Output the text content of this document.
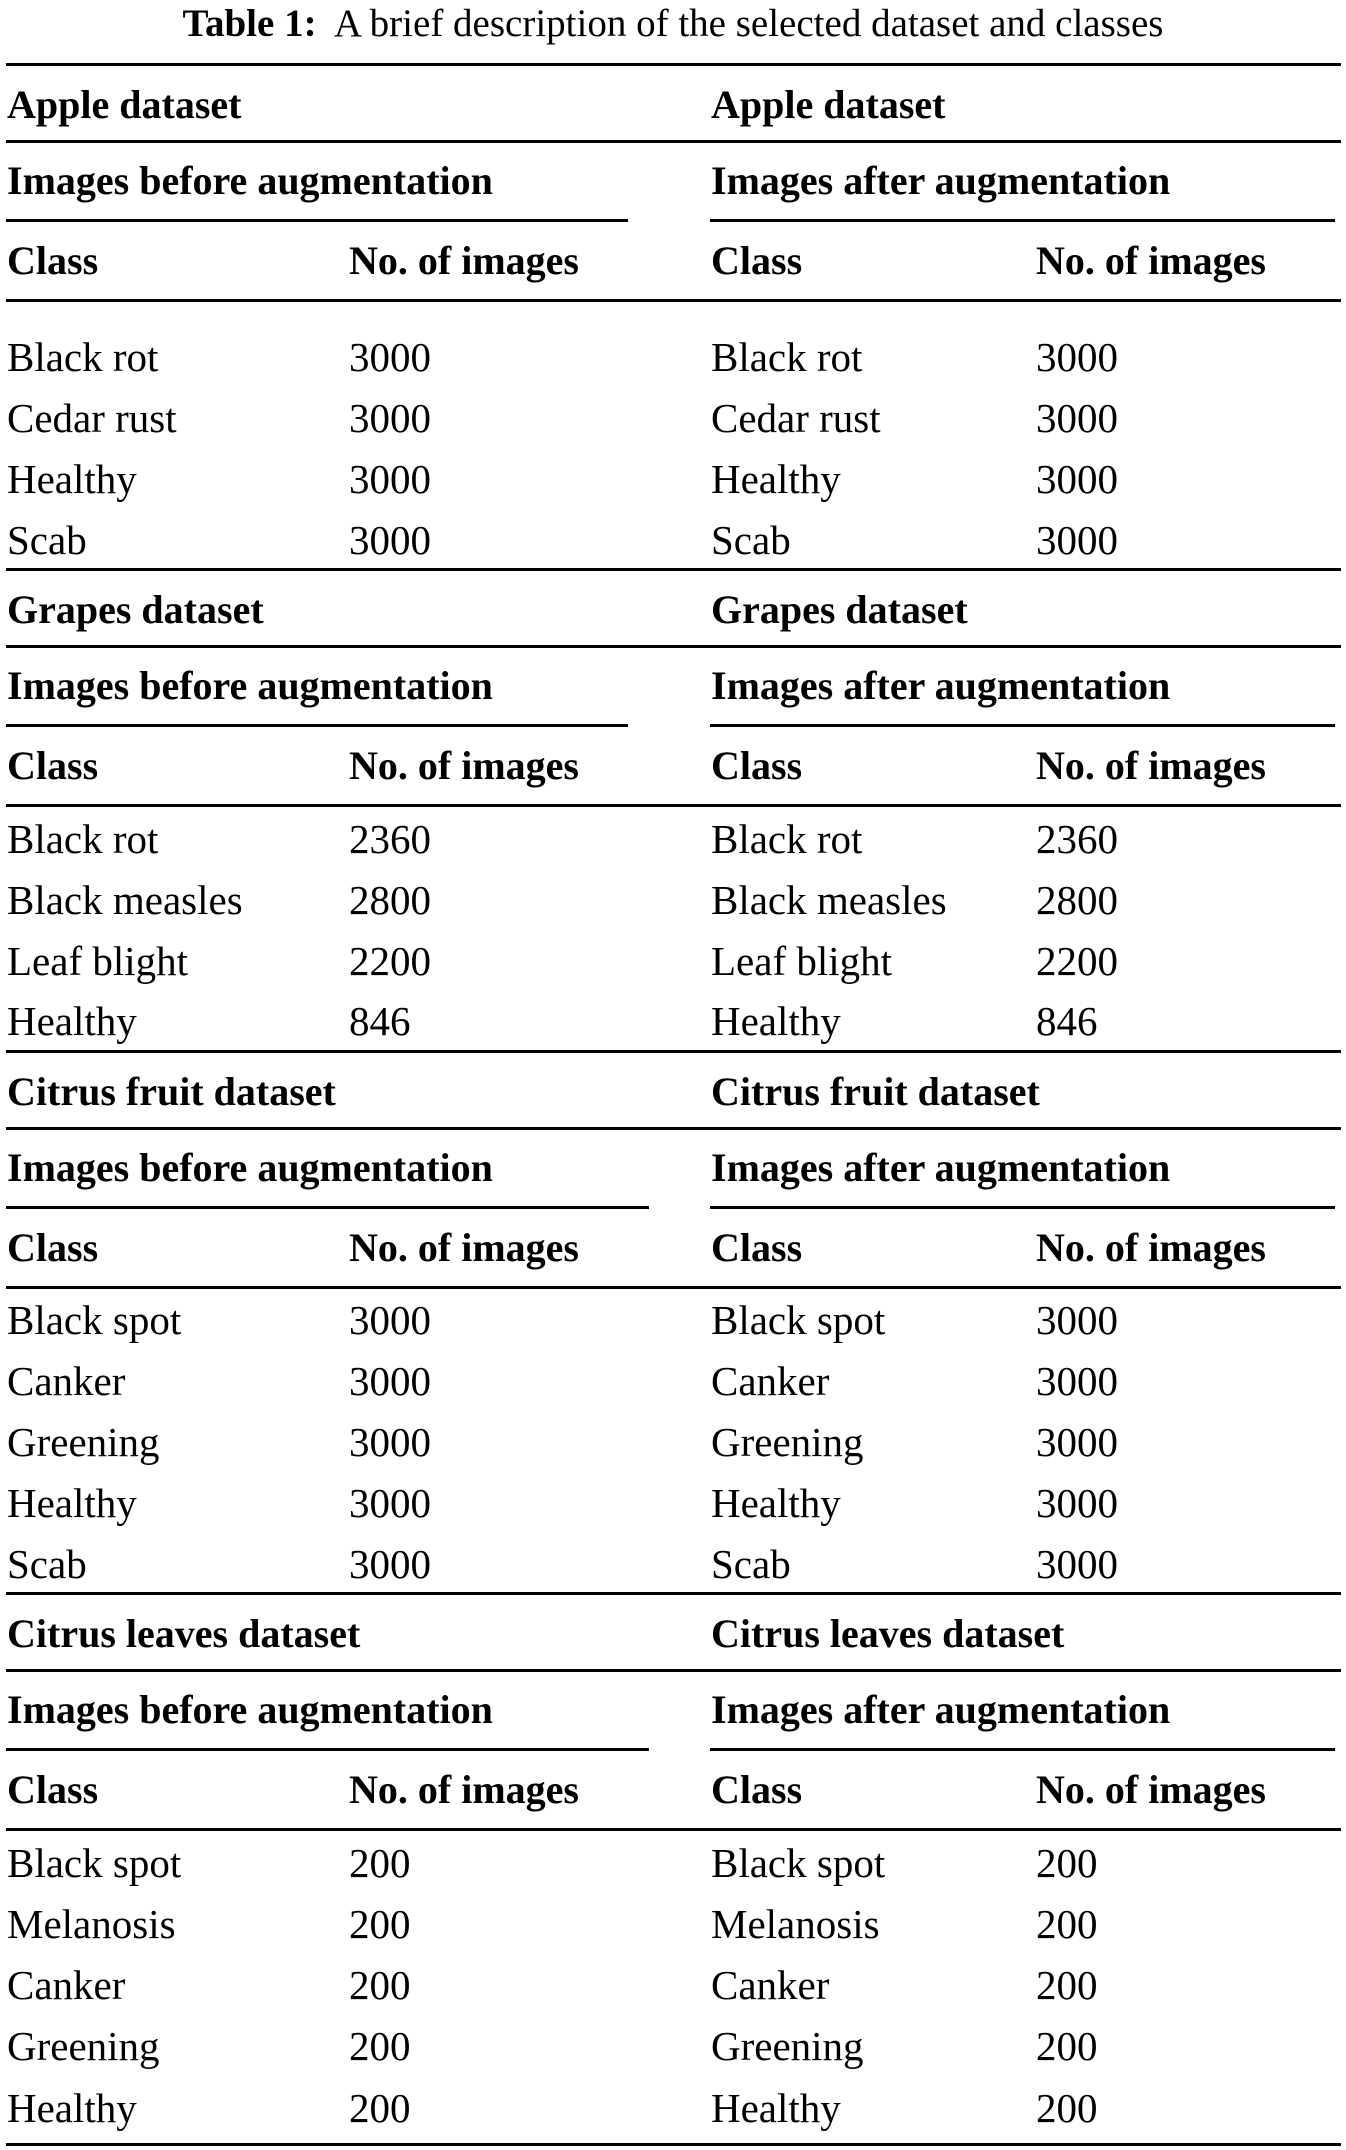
Table 1: A brief description of the selected dataset and classes
Apple dataset	Apple dataset
Images before augmentation	Images after augmentation
Class	No. of images	Class	No. of images
Black rot	3000	Black rot	3000
Cedar rust	3000	Cedar rust	3000
Healthy	3000	Healthy	3000
Scab	3000	Scab	3000
Grapes dataset	Grapes dataset
Images before augmentation	Images after augmentation
Class	No. of images	Class	No. of images
Black rot	2360	Black rot	2360
Black measles	2800	Black measles 2800
Leaf blight	2200	Leaf blight	2200
Healthy	846	Healthy	846
Citrus fruit dataset	Citrus fruit dataset
Images before augmentation	Images after augmentation
Class	No. of images	Class	No. of images
Black spot	3000	Black spot	3000
Canker	3000	Canker	3000
Greening	3000	Greening	3000
Healthy	3000	Healthy	3000
Scab	3000	Scab	3000
Citrus leaves dataset	Citrus leaves dataset
Images before augmentation	Images after augmentation
Class	No. of images	Class	No. of images
Black spot	200	Black spot	200
Melanosis	200	Melanosis	200
Canker	200	Canker	200
Greening	200	Greening	200
Healthy	200	Healthy	200
